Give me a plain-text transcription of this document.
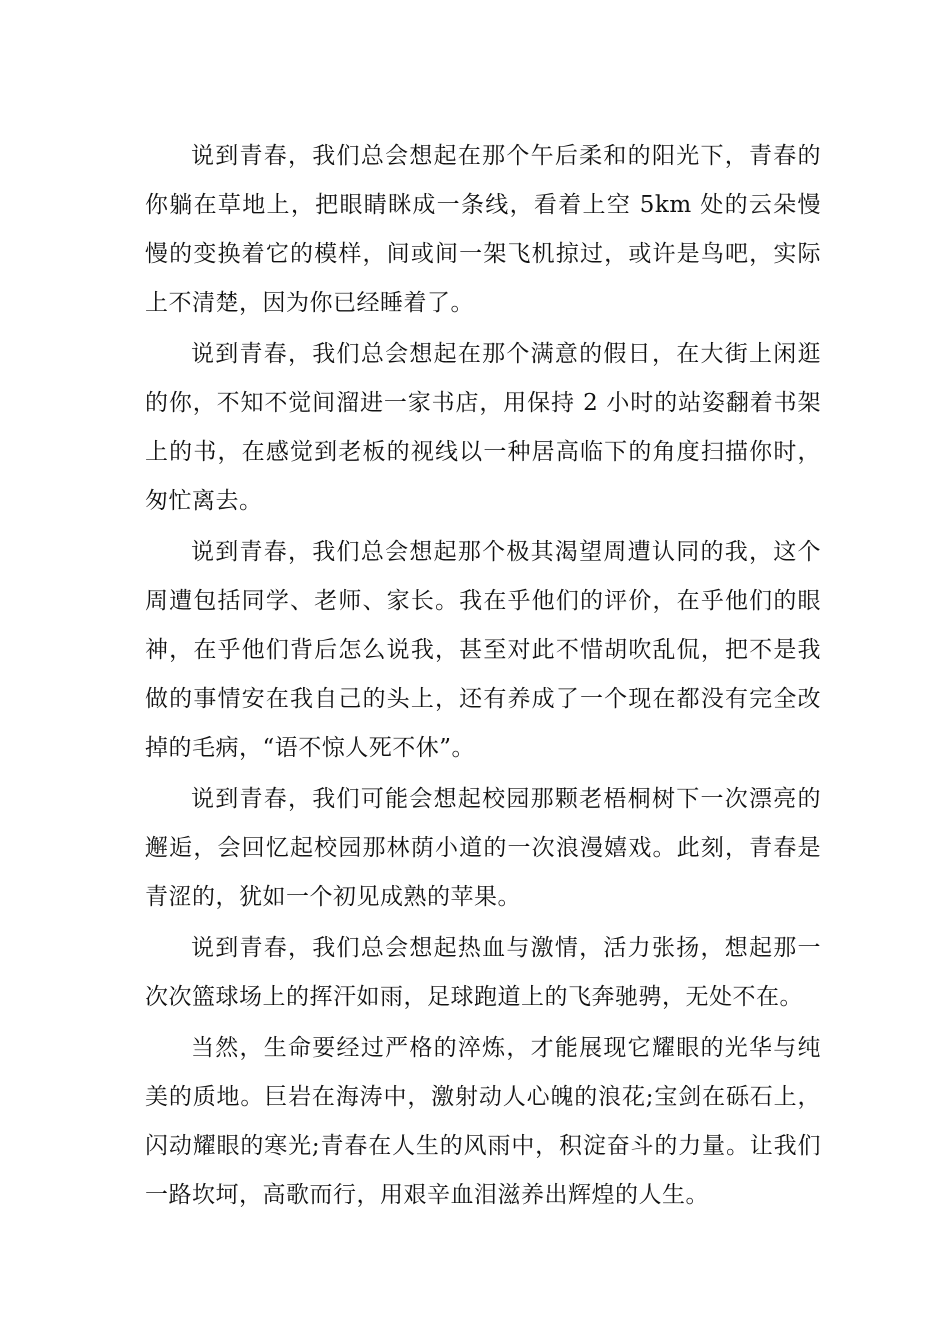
说到青春，我们总会想起在那个午后柔和的阳光下，青春的你躺在草地上，把眼睛眯成一条线，看着上空 5km 处的云朵慢慢的变换着它的模样，间或间一架飞机掠过，或许是鸟吧，实际上不清楚，因为你已经睡着了。

说到青春，我们总会想起在那个满意的假日，在大街上闲逛的你，不知不觉间溜进一家书店，用保持 2 小时的站姿翻着书架上的书，在感觉到老板的视线以一种居高临下的角度扫描你时，匆忙离去。

说到青春，我们总会想起那个极其渴望周遭认同的我，这个周遭包括同学、老师、家长。我在乎他们的评价，在乎他们的眼神，在乎他们背后怎么说我，甚至对此不惜胡吹乱侃，把不是我做的事情安在我自己的头上，还有养成了一个现在都没有完全改掉的毛病，“语不惊人死不休”。

说到青春，我们可能会想起校园那颗老梧桐树下一次漂亮的邂逅，会回忆起校园那林荫小道的一次浪漫嬉戏。此刻，青春是青涩的，犹如一个初见成熟的苹果。

说到青春，我们总会想起热血与激情，活力张扬，想起那一次次篮球场上的挥汗如雨，足球跑道上的飞奔驰骋，无处不在。

当然，生命要经过严格的淬炼，才能展现它耀眼的光华与纯美的质地。巨岩在海涛中，激射动人心魄的浪花;宝剑在砾石上，闪动耀眼的寒光;青春在人生的风雨中，积淀奋斗的力量。让我们一路坎坷，高歌而行，用艰辛血泪滋养出辉煌的人生。
